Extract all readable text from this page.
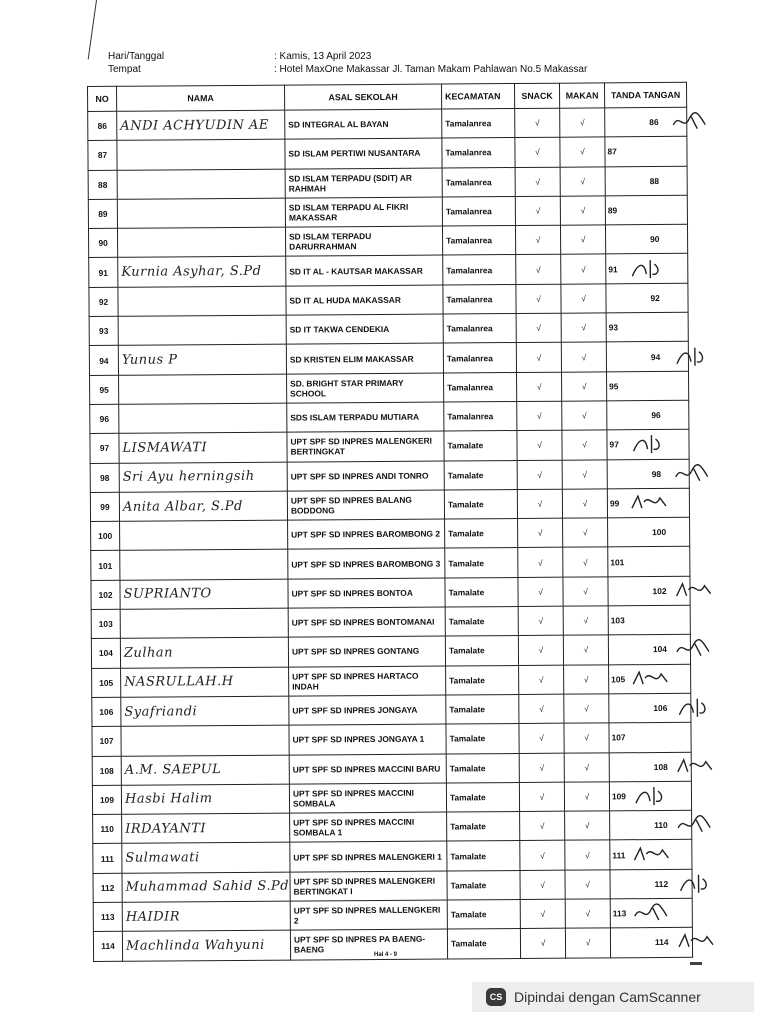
Hari/Tanggal	: Kamis, 13 April 2023
Tempat	: Hotel MaxOne Makassar Jl. Taman Makam Pahlawan No.5 Makassar
NO	NAMA	ASAL SEKOLAH	KECAMATAN	SNACK	MAKAN	TANDA TANGAN
86	ANDI ACHYUDIN AE	SD INTEGRAL AL BAYAN	Tamalanrea	√	√	86

87		SD ISLAM PERTIWI NUSANTARA	Tamalanrea	√	√	87

88		SD ISLAM TERPADU (SDIT) AR RAHMAH	Tamalanrea	√	√	88

89		SD ISLAM TERPADU AL FIKRI MAKASSAR	Tamalanrea	√	√	89

90		SD ISLAM TERPADU DARURRAHMAN	Tamalanrea	√	√	90

91	Kurnia Asyhar, S.Pd	SD IT AL - KAUTSAR MAKASSAR	Tamalanrea	√	√	91

92		SD IT AL HUDA MAKASSAR	Tamalanrea	√	√	92

93		SD IT TAKWA CENDEKIA	Tamalanrea	√	√	93

94	Yunus P	SD KRISTEN ELIM MAKASSAR	Tamalanrea	√	√	94

95		SD. BRIGHT STAR PRIMARY SCHOOL	Tamalanrea	√	√	95

96		SDS ISLAM TERPADU MUTIARA	Tamalanrea	√	√	96

97	LISMAWATI	UPT SPF SD INPRES MALENGKERI BERTINGKAT	Tamalate	√	√	97

98	Sri Ayu herningsih	UPT SPF SD INPRES ANDI TONRO	Tamalate	√	√	98

99	Anita Albar, S.Pd	UPT SPF SD INPRES BALANG BODDONG	Tamalate	√	√	99

100		UPT SPF SD INPRES BAROMBONG 2	Tamalate	√	√	100

101		UPT SPF SD INPRES BAROMBONG 3	Tamalate	√	√	101

102	SUPRIANTO	UPT SPF SD INPRES BONTOA	Tamalate	√	√	102

103		UPT SPF SD INPRES BONTOMANAI	Tamalate	√	√	103

104	Zulhan	UPT SPF SD INPRES GONTANG	Tamalate	√	√	104

105	NASRULLAH.H	UPT SPF SD INPRES HARTACO INDAH	Tamalate	√	√	105

106	Syafriandi	UPT SPF SD INPRES JONGAYA	Tamalate	√	√	106

107		UPT SPF SD INPRES JONGAYA 1	Tamalate	√	√	107

108	A.M. SAEPUL	UPT SPF SD INPRES MACCINI BARU	Tamalate	√	√	108

109	Hasbi Halim	UPT SPF SD INPRES MACCINI SOMBALA	Tamalate	√	√	109

110	IRDAYANTI	UPT SPF SD INPRES MACCINI SOMBALA 1	Tamalate	√	√	110

111	Sulmawati	UPT SPF SD INPRES MALENGKERI 1	Tamalate	√	√	111

112	Muhammad Sahid S.Pd	UPT SPF SD INPRES MALENGKERI BERTINGKAT I	Tamalate	√	√	112

113	HAIDIR	UPT SPF SD INPRES MALLENGKERI 2	Tamalate	√	√	113

114	Machlinda Wahyuni	UPT SPF SD INPRES PA BAENG-BAENG	Tamalate	√	√	114
Hal 4 - 9
CS Dipindai dengan CamScanner
